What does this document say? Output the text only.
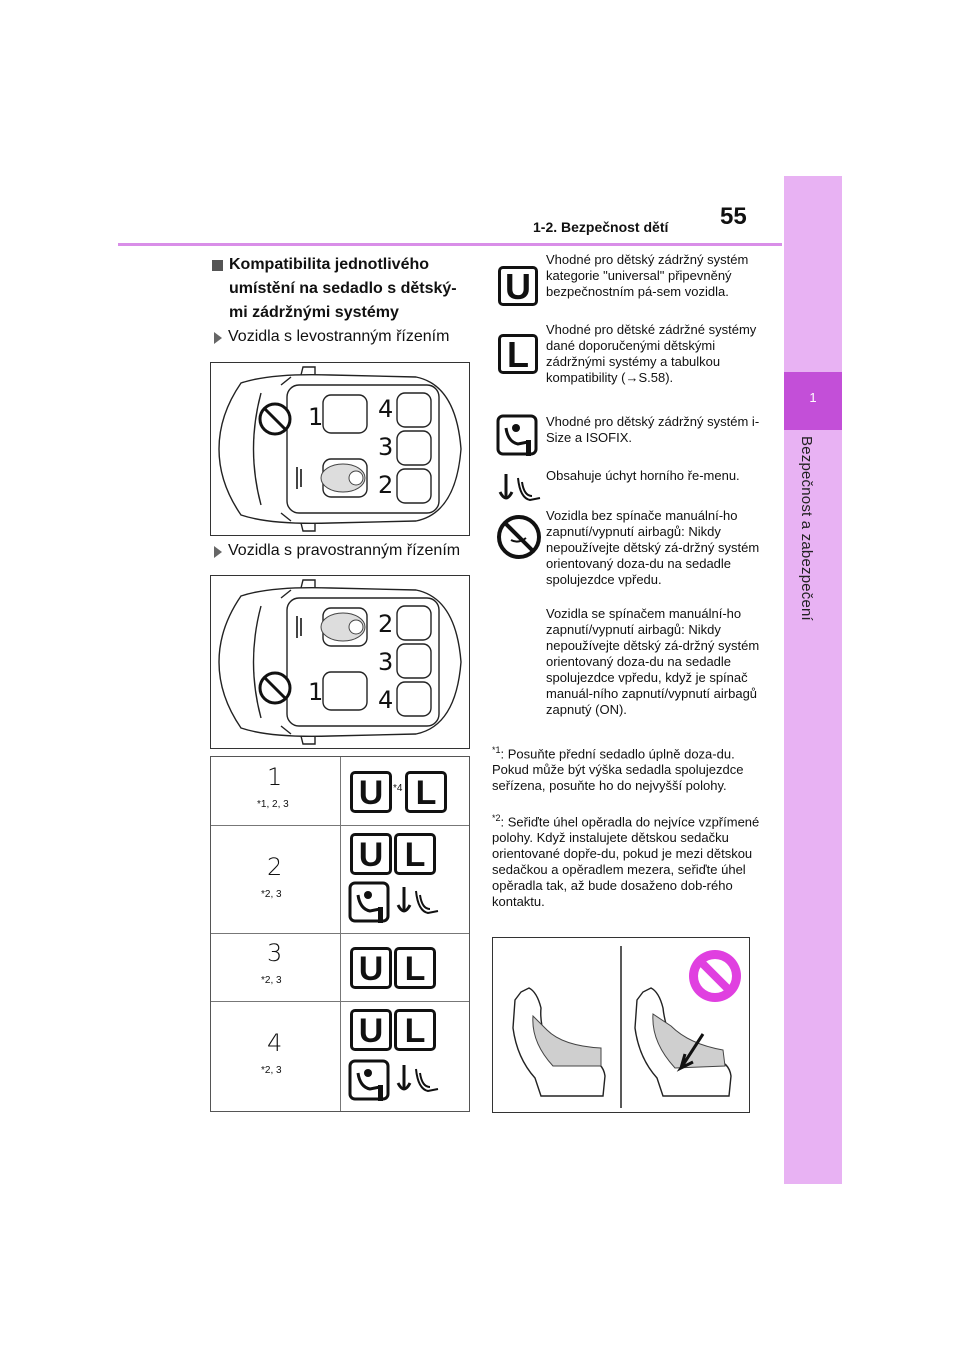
1-2. Bezpečnost dětí 55
1
Bezpečnost a zabezpečení
Kompatibilita jednotlivého umístění na sedadlo s dětský-mi zádržnými systémy
Vozidla s levostranným řízením
1 4
3
2
Vozidla s pravostranným řízením
2
3
1 4
1
*1, 2, 3 U *4 L
2
*2, 3
U L
3
*2, 3 U L
4
*2, 3
U L
U
Vhodné pro dětský zádržný systém kategorie "universal" připevněný bezpečnostním pá-sem vozidla.
L
Vhodné pro dětské zádržné systémy dané doporučenými dětskými zádržnými systémy a tabulkou kompatibility (→S.58).
Vhodné pro dětský zádržný systém i-Size a ISOFIX.
Obsahuje úchyt horního ře-menu.
Vozidla bez spínače manuální-ho zapnutí/vypnutí airbagů: Nikdy nepoužívejte dětský zá-držný systém orientovaný doza-du na sedadle spolujezdce vpředu.
Vozidla se spínačem manuální-ho zapnutí/vypnutí airbagů: Nikdy nepoužívejte dětský zá-držný systém orientovaný doza-du na sedadle spolujezdce vpředu, když je spínač manuál-ního zapnutí/vypnutí airbagů zapnutý (ON).
$^{*1}$: Posuňte přední sedadlo úplně doza-du. Pokud může být výška sedadla spolujezdce seřízena, posuňte ho do nejvyšší polohy.
$^{*2}$: Seřiďte úhel opěradla do nejvíce vzpřímené polohy. Když instalujete dětskou sedačku orientované dopře-du, pokud je mezi dětskou sedačkou a opěradlem mezera, seřiďte úhel opěradla tak, až bude dosaženo dob-rého kontaktu.
